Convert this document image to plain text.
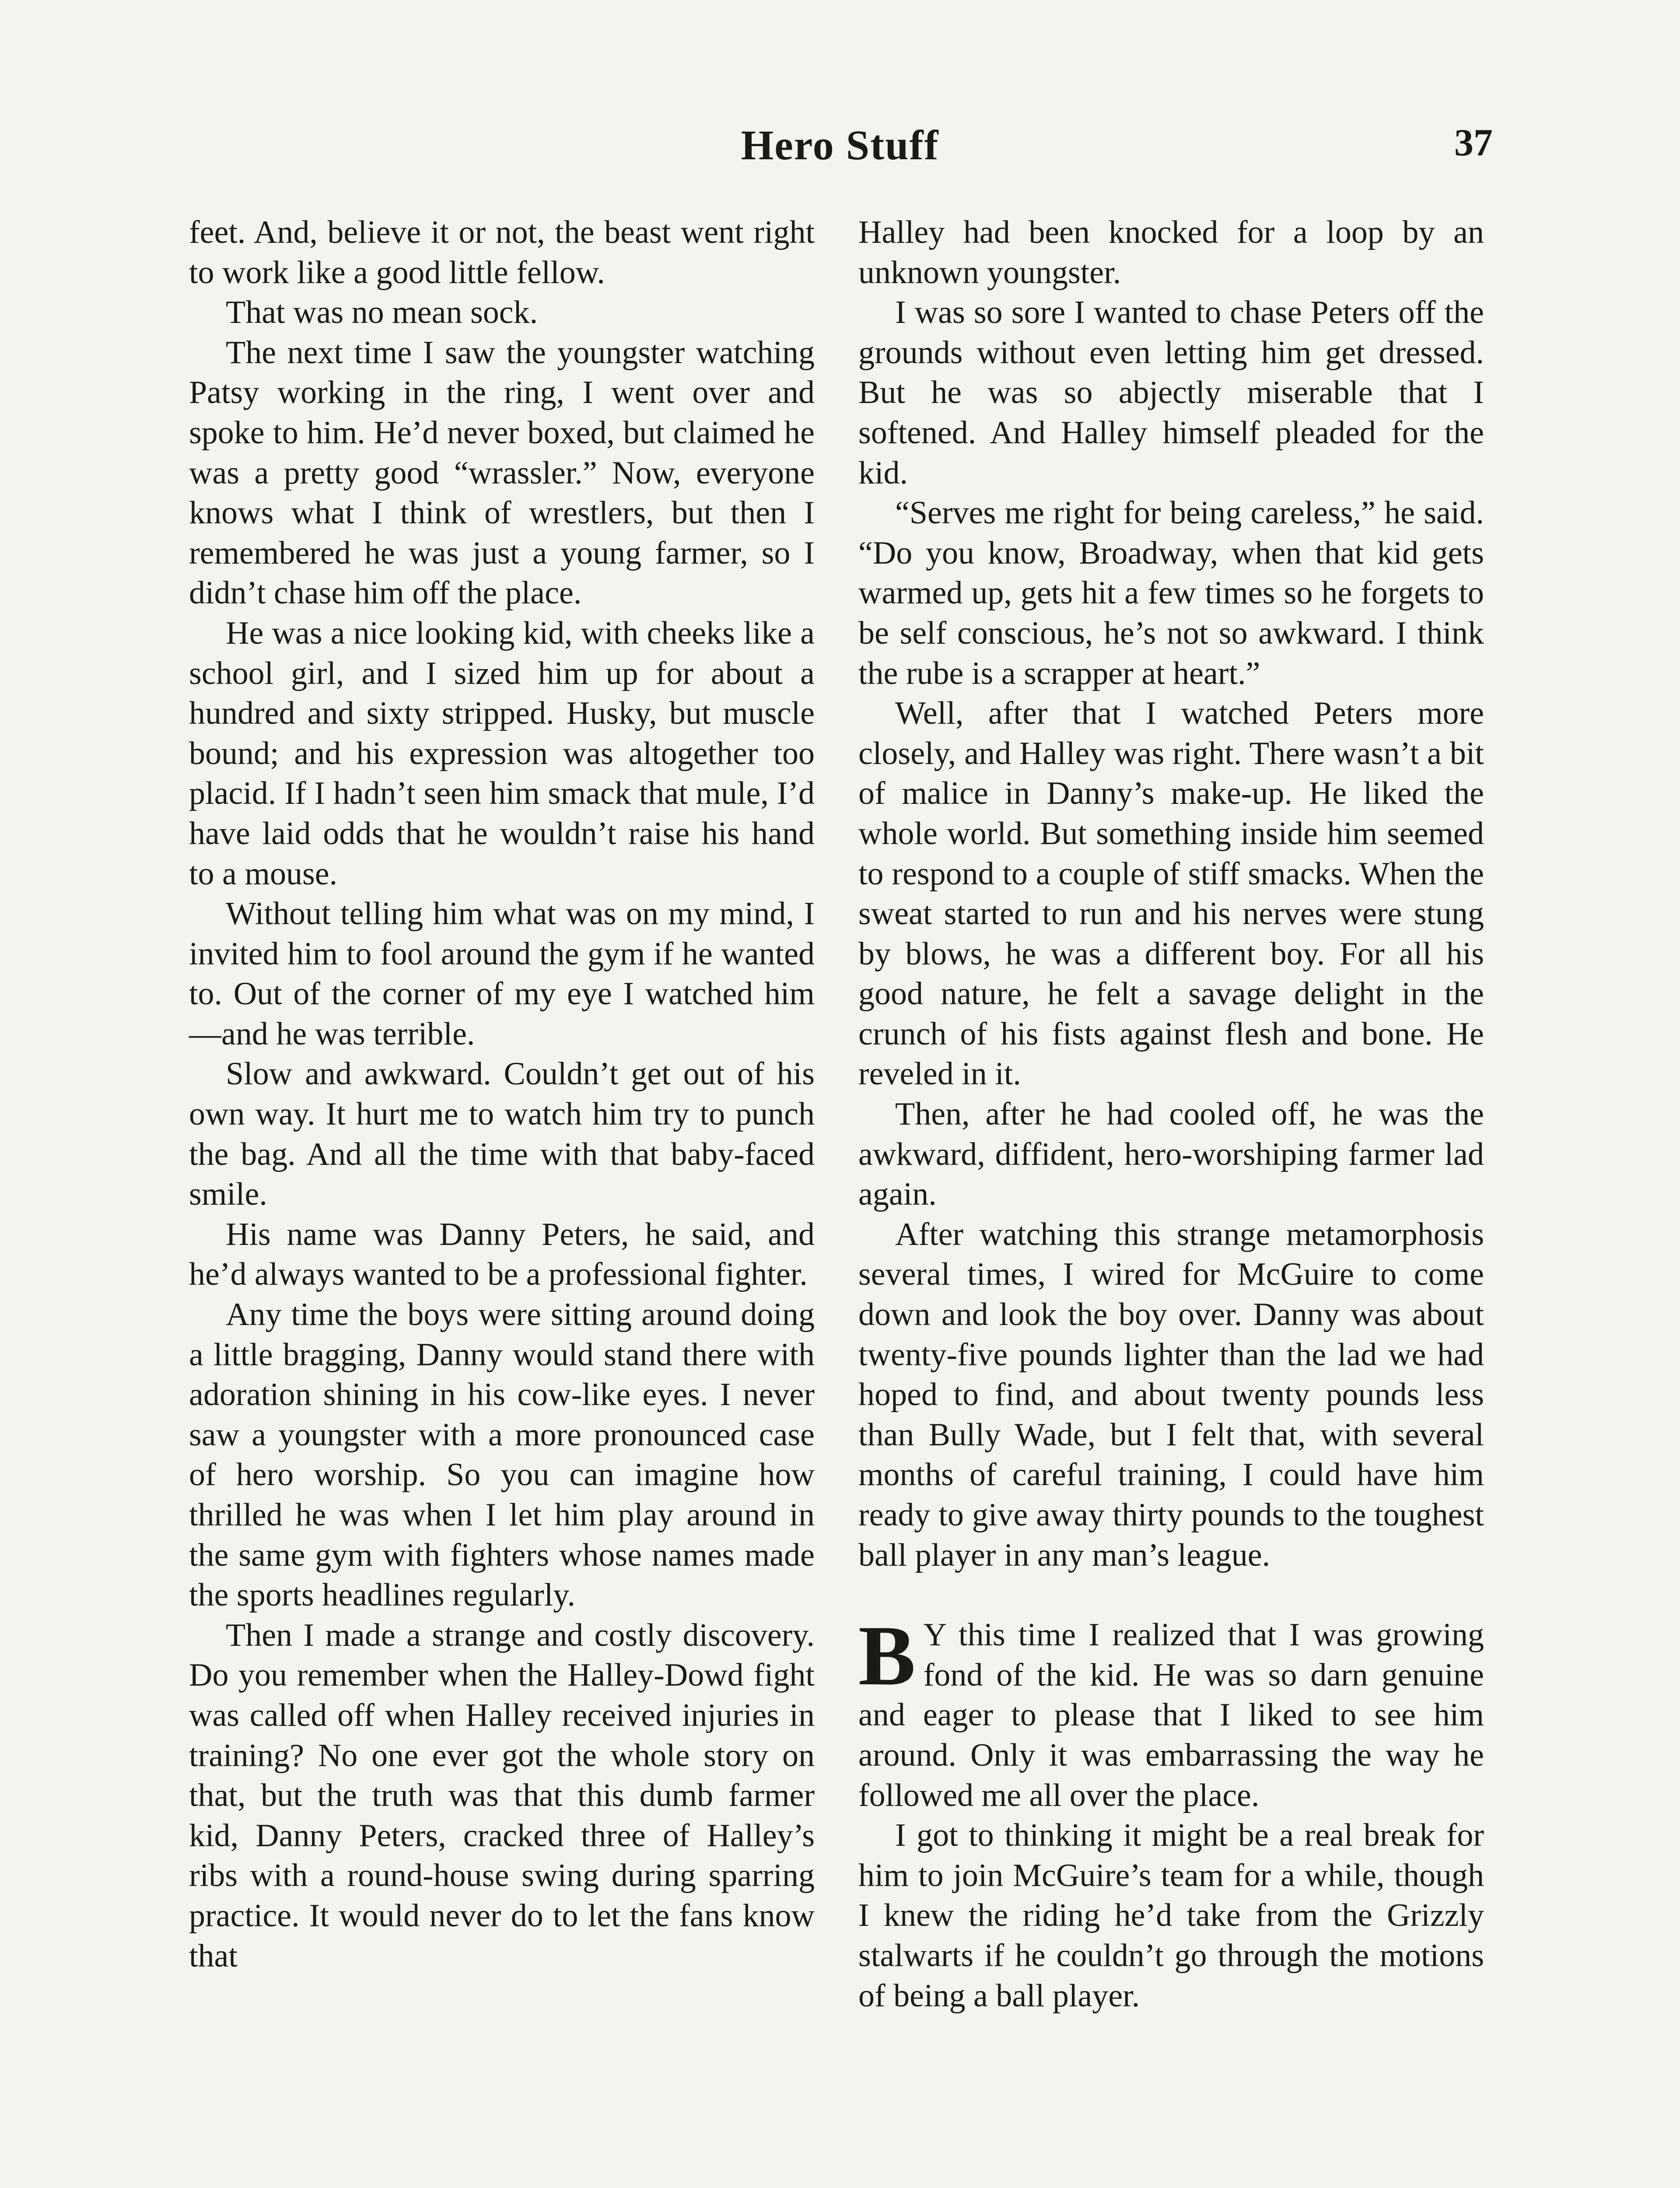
Hero Stuff	37

feet. And, believe it or not, the beast went right to work like a good little fellow.

That was no mean sock.

The next time I saw the youngster watching Patsy working in the ring, I went over and spoke to him. He’d never boxed, but claimed he was a pretty good “wrassler.” Now, everyone knows what I think of wrestlers, but then I remembered he was just a young farmer, so I didn’t chase him off the place.

He was a nice looking kid, with cheeks like a school girl, and I sized him up for about a hundred and sixty stripped. Husky, but muscle bound; and his expression was altogether too placid. If I hadn’t seen him smack that mule, I’d have laid odds that he wouldn’t raise his hand to a mouse.

Without telling him what was on my mind, I invited him to fool around the gym if he wanted to. Out of the corner of my eye I watched him—and he was terrible.

Slow and awkward. Couldn’t get out of his own way. It hurt me to watch him try to punch the bag. And all the time with that baby-faced smile.

His name was Danny Peters, he said, and he’d always wanted to be a professional fighter.

Any time the boys were sitting around doing a little bragging, Danny would stand there with adoration shining in his cow-like eyes. I never saw a youngster with a more pronounced case of hero worship. So you can imagine how thrilled he was when I let him play around in the same gym with fighters whose names made the sports headlines regularly.

Then I made a strange and costly discovery. Do you remember when the Halley-Dowd fight was called off when Halley received injuries in training? No one ever got the whole story on that, but the truth was that this dumb farmer kid, Danny Peters, cracked three of Halley’s ribs with a round-house swing during sparring practice. It would never do to let the fans know that

Halley had been knocked for a loop by an unknown youngster.

I was so sore I wanted to chase Peters off the grounds without even letting him get dressed. But he was so abjectly miserable that I softened. And Halley himself pleaded for the kid.

“Serves me right for being careless,” he said. “Do you know, Broadway, when that kid gets warmed up, gets hit a few times so he forgets to be self conscious, he’s not so awkward. I think the rube is a scrapper at heart.”

Well, after that I watched Peters more closely, and Halley was right. There wasn’t a bit of malice in Danny’s make-up. He liked the whole world. But something inside him seemed to respond to a couple of stiff smacks. When the sweat started to run and his nerves were stung by blows, he was a different boy. For all his good nature, he felt a savage delight in the crunch of his fists against flesh and bone. He reveled in it.

Then, after he had cooled off, he was the awkward, diffident, hero-worshiping farmer lad again.

After watching this strange metamorphosis several times, I wired for McGuire to come down and look the boy over. Danny was about twenty-five pounds lighter than the lad we had hoped to find, and about twenty pounds less than Bully Wade, but I felt that, with several months of careful training, I could have him ready to give away thirty pounds to the toughest ball player in any man’s league.

B Y this time I realized that I was growing fond of the kid. He was so darn genuine and eager to please that I liked to see him around. Only it was embarrassing the way he followed me all over the place.

I got to thinking it might be a real break for him to join McGuire’s team for a while, though I knew the riding he’d take from the Grizzly stalwarts if he couldn’t go through the motions of being a ball player.
